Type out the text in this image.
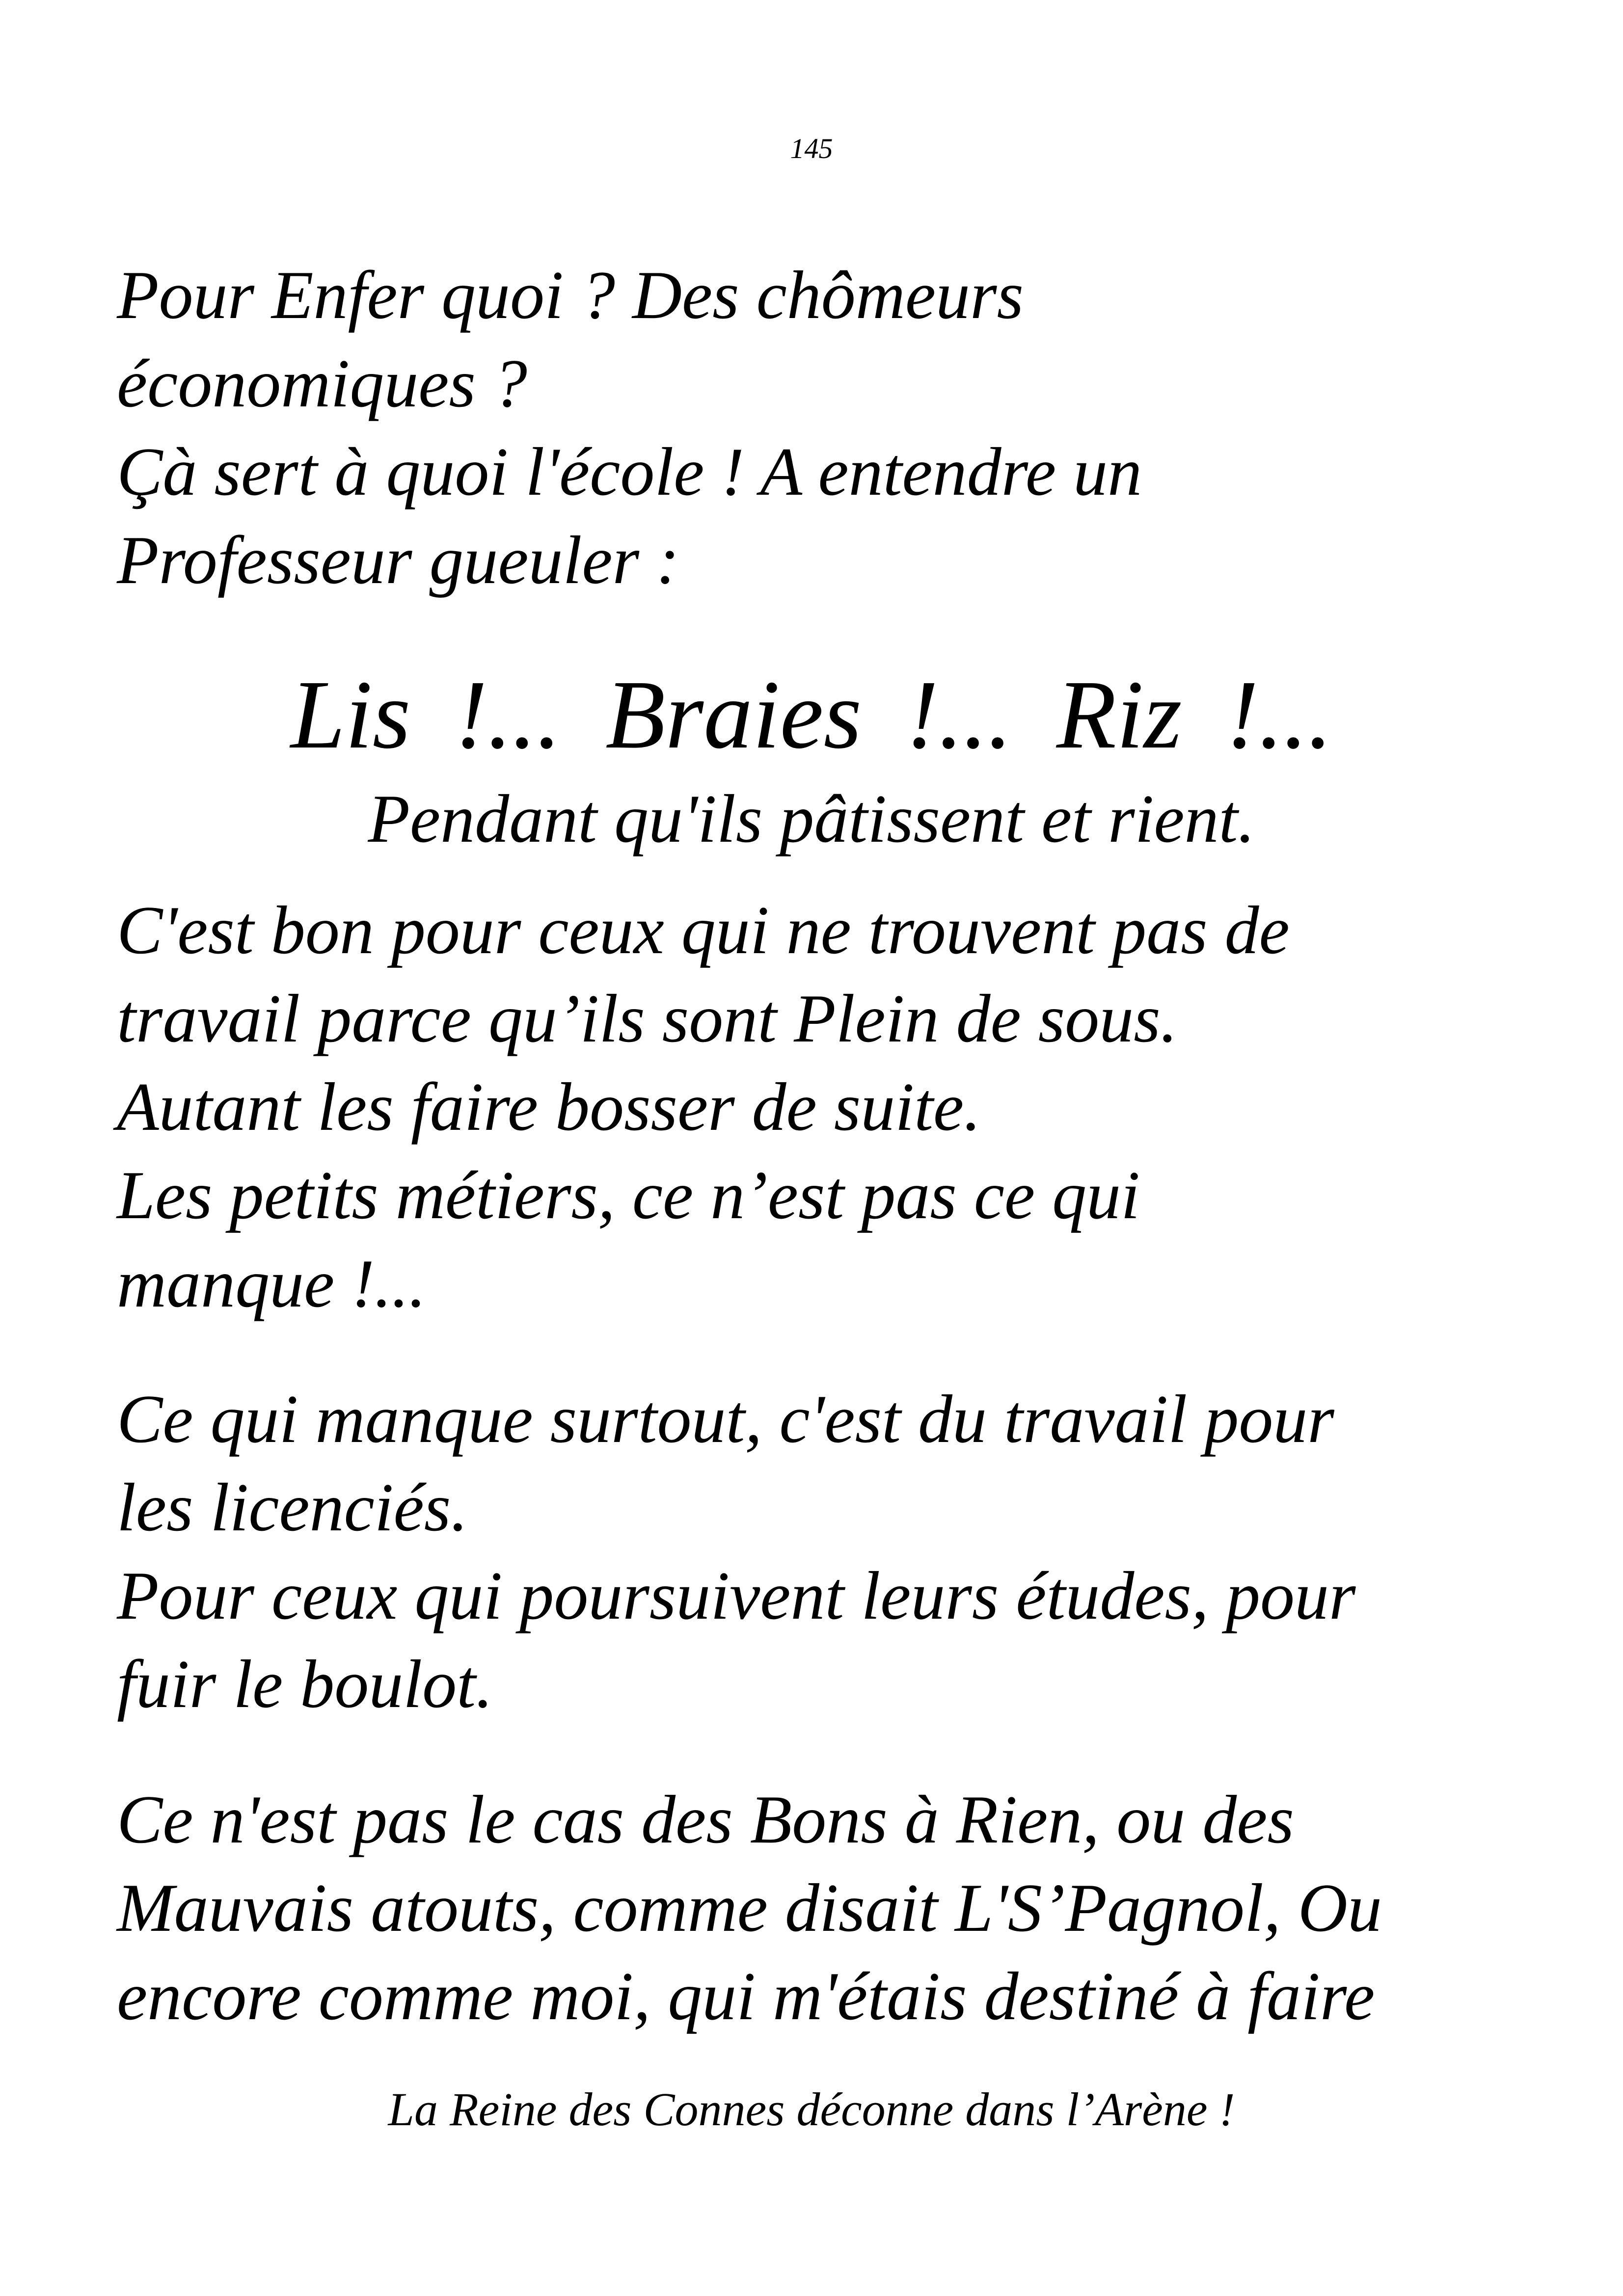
145

Pour Enfer quoi ? Des chômeurs
économiques ?
Çà sert à quoi l'école ! A entendre un
Professeur gueuler :

Lis !... Braies !... Riz !...
Pendant qu'ils pâtissent et rient.

C'est bon pour ceux qui ne trouvent pas de
travail parce qu’ils sont Plein de sous.
Autant les faire bosser de suite.
Les petits métiers, ce n’est pas ce qui
manque !...

Ce qui manque surtout, c'est du travail pour
les licenciés.
Pour ceux qui poursuivent leurs études, pour
fuir le boulot.

Ce n'est pas le cas des Bons à Rien, ou des
Mauvais atouts, comme disait L'S’Pagnol, Ou
encore comme moi, qui m'étais destiné à faire

La Reine des Connes déconne dans l’Arène !
